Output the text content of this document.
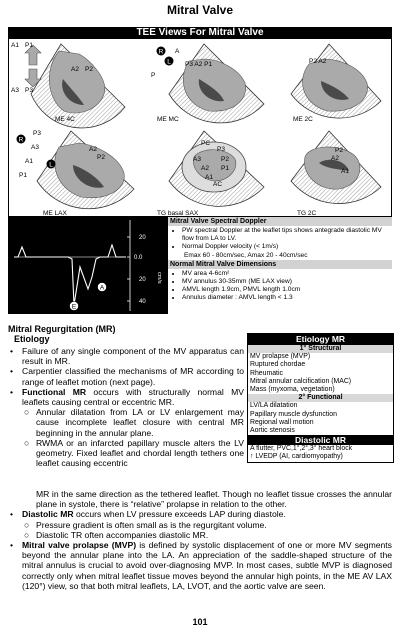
Mitral Valve
TEE Views For Mitral Valve
R
L
L
R
A1 P1
A3 P3
A2 P2
P
A
P3 A2 P1	P2 A2
P3
A3
A1
P1
A2
P2
PC
P3
A3	P2
A2 P1
A1
AC
P2
A2
A1
ME 4C	ME MC	ME 2C
ME LAX	TG basal SAX	TG 2C
20
0.0
20
40
cm/s
A
E
Mitral Valve Spectral Doppler
• PW spectral Doppler at the leaflet tips shows antegrade diastolic MV flow from LA to LV.
• Normal Doppler velocity (< 1m/s)
Emax 60 - 80cm/sec, Amax 20 - 40cm/sec
Normal Mitral Valve Dimensions
• MV area 4-6cm²
• MV annulus 30-35mm (ME LAX view)
• AMVL length 1.9cm, PMVL length 1.0cm
• Annulus diameter : AMVL length < 1.3
Etiology MR
1° Structural
MV prolapse (MVP)
Ruptured chordae
Rheumatic
Mitral annular calcification (MAC)
Mass (myxoma, vegetation)
2° Functional
LV/LA dilatation
Papillary muscle dysfunction
Regional wall motion
Aortic stenosis
Diastolic MR
A flutter, PVC,1°,2°,3° heart block
↑ LVEDP (AI, cardiomyopathy)
Mitral Regurgitation (MR)
Etiology
• Failure of any single component of the MV apparatus can result in MR.
• Carpentier classified the mechanisms of MR according to range of leaflet motion (next page).
• Functional MR occurs with structurally normal MV leaflets causing central or eccentric MR.
○ Annular dilatation from LA or LV enlargement may cause incomplete leaflet closure with central MR beginning in the annular plane.
○ RWMA or an infarcted papillary muscle alters the LV geometry. Fixed leaflet and chordal length tethers one leaflet causing eccentric
MR in the same direction as the tethered leaflet. Though no leaflet tissue crosses the annular plane in systole, there is “relative” prolapse in relation to the other.
• Diastolic MR occurs when LV pressure exceeds LAP during diastole.
○ Pressure gradient is often small as is the regurgitant volume.
○ Diastolic TR often accompanies diastolic MR.
• Mitral valve prolapse (MVP) is defined by systolic displacement of one or more MV segments beyond the annular plane into the LA. An appreciation of the saddle-shaped structure of the mitral annulus is crucial to avoid over-diagnosing MVP. In most cases, subtle MVP is diagnosed correctly only when mitral leaflet tissue moves beyond the annular high points, in the ME AV LAX (120°) view, so that both mitral leaflets, LA, LVOT, and the aortic valve are seen.
101
